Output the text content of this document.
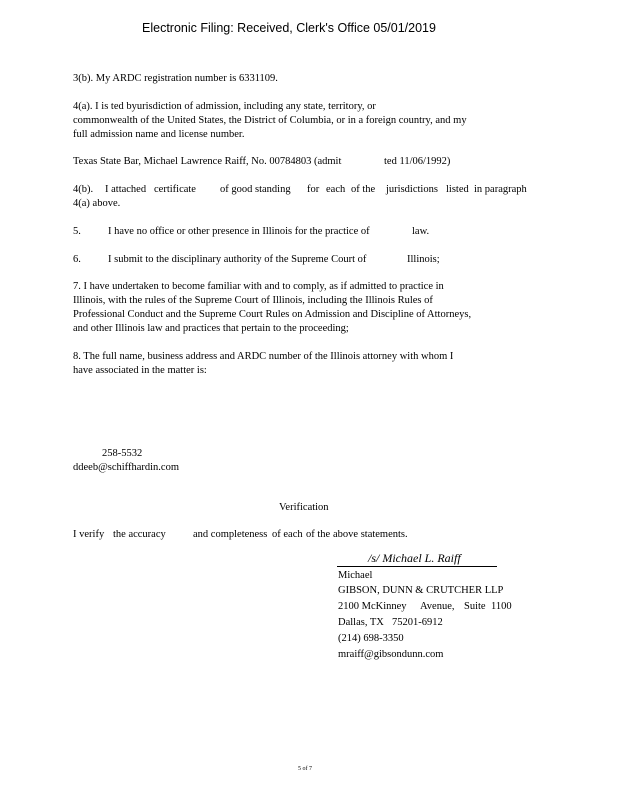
Electronic Filing: Received, Clerk's Office 05/01/2019
3(b). My ARDC registration number is 6331109.
4(a). I is ted byurisdiction of admission, including any state, territory, or
commonwealth of the United States, the District of Columbia, or in a foreign country, and my
full admission name and license number.
Texas State Bar, Michael Lawrence Raiff, No. 00784803 (admit	ted 11/06/1992)
4(b). I attached certificate of good standing for each of the jurisdictions listed in paragraph
4(a) above.
5.	I have no office or other presence in Illinois for the practice of	law.
6.	I submit to the disciplinary authority of the Supreme Court of	Illinois;
7. I have undertaken to become familiar with and to comply, as if admitted to practice in
Illinois, with the rules of the Supreme Court of Illinois, including the Illinois Rules of
Professional Conduct and the Supreme Court Rules on Admission and Discipline of Attorneys,
and other Illinois law and practices that pertain to the proceeding;
8. The full name, business address and ARDC number of the Illinois attorney with whom I
have associated in the matter is:
258-5532
ddeeb@schiffhardin.com
Verification
I verify the accuracy	and completeness of each of the above statements.
/s/ Michael L. Raiff
Michael
GIBSON, DUNN & CRUTCHER LLP
2100 McKinney Avenue, Suite 1100
Dallas, TX 75201-6912
(214) 698-3350
mraiff@gibsondunn.com
5 of 7
